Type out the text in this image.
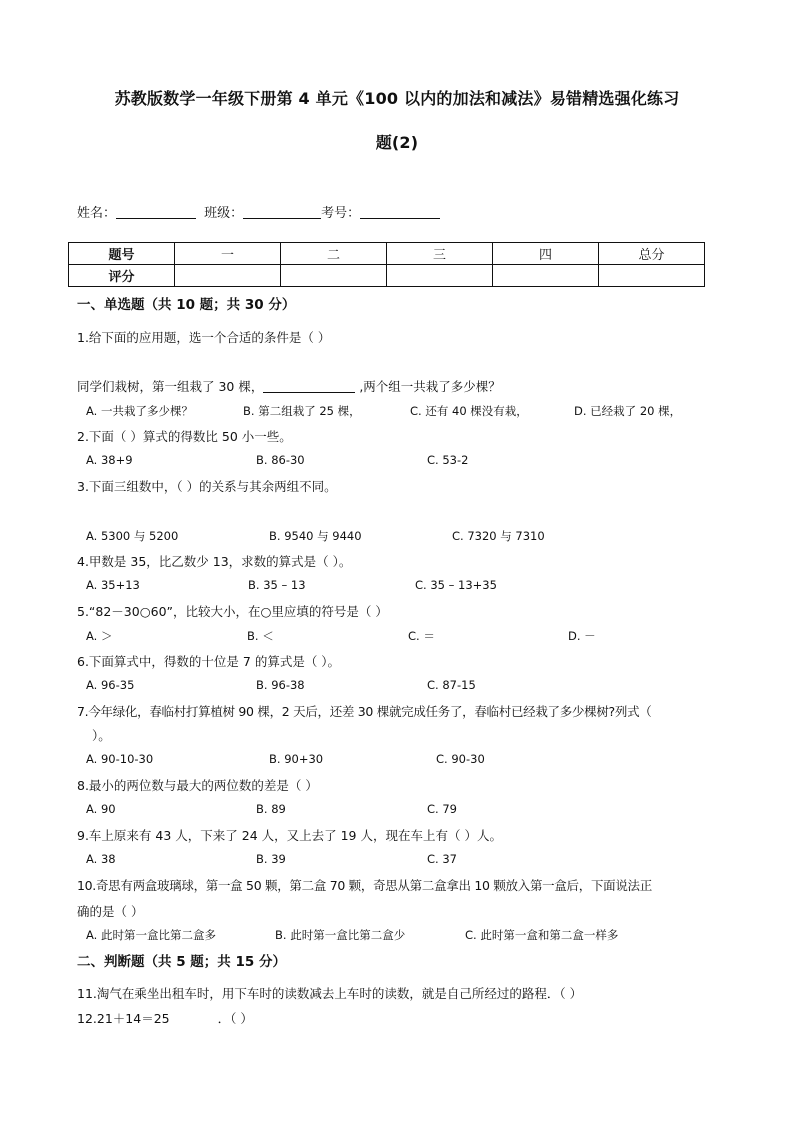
苏教版数学一年级下册第 4 单元《100 以内的加法和减法》易错精选强化练习
题(2)
姓名：	班级：	考号：
题号	一	二	三	四	总分
评分					
一、单选题（共 10 题；共 30 分）
1.给下面的应用题，选一个合适的条件是（ ）
同学们栽树，第一组栽了 30 棵，	,两个组一共栽了多少棵？
A. 一共栽了多少棵？	B. 第二组栽了 25 棵，	C. 还有 40 棵没有栽，	D. 已经栽了 20 棵，
2.下面（ ）算式的得数比 50 小一些。
A. 38+9	B. 86-30	C. 53-2
3.下面三组数中，（ ）的关系与其余两组不同。
A. 5300 与 5200	B. 9540 与 9440	C. 7320 与 7310
4.甲数是 35，比乙数少 13，求数的算式是（ ）。
A. 35+13	B. 35 – 13	C. 35 – 13+35
5.“82－30○60”，比较大小，在○里应填的符号是（ ）
A. ＞	B. ＜	C. ＝	D. －
6.下面算式中，得数的十位是 7 的算式是（ ）。
A. 96-35	B. 96-38	C. 87-15
7.今年绿化，春临村打算植树 90 棵，2 天后，还差 30 棵就完成任务了，春临村已经栽了多少棵树?列式（
）。
A. 90-10-30	B. 90+30	C. 90-30
8.最小的两位数与最大的两位数的差是（ ）
A. 90	B. 89	C. 79
9.车上原来有 43 人，下来了 24 人，又上去了 19 人，现在车上有（ ）人。
A. 38	B. 39	C. 37
10.奇思有两盒玻璃球，第一盒 50 颗，第二盒 70 颗，奇思从第二盒拿出 10 颗放入第一盒后，下面说法正
确的是（ ）
A. 此时第一盒比第二盒多	B. 此时第一盒比第二盒少	C. 此时第一盒和第二盒一样多
二、判断题（共 5 题；共 15 分）
11.淘气在乘坐出租车时，用下车时的读数减去上车时的读数，就是自己所经过的路程．（ ）
12.21＋14＝25	．（ ）
